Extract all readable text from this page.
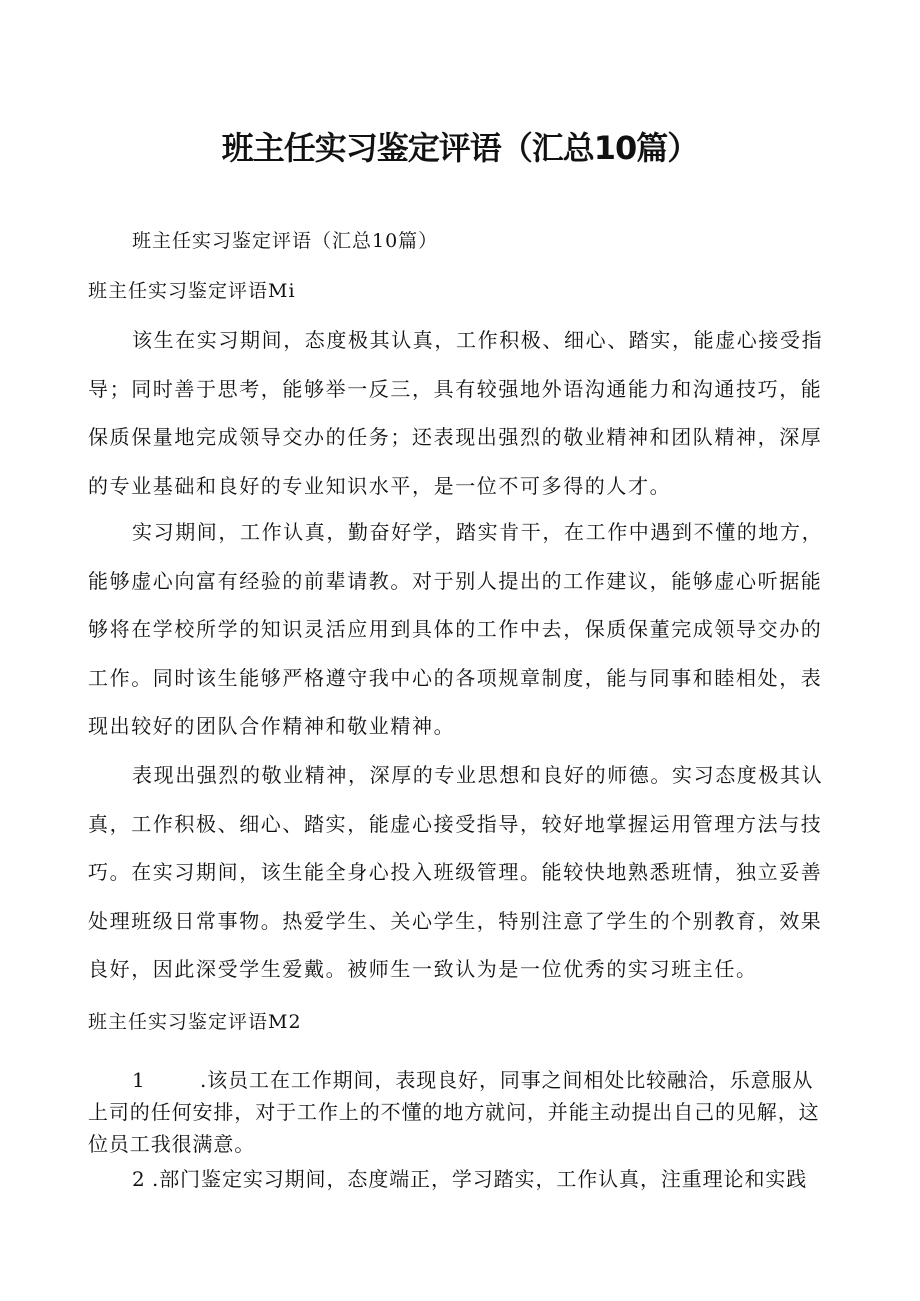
班主任实习鉴定评语（汇总10篇）
班主任实习鉴定评语（汇总10篇）
班主任实习鉴定评语Mi

该生在实习期间，态度极其认真，工作积极、细心、踏实，能虚心接受指导；同时善于思考，能够举一反三，具有较强地外语沟通能力和沟通技巧，能保质保量地完成领导交办的任务；还表现出强烈的敬业精神和团队精神，深厚的专业基础和良好的专业知识水平，是一位不可多得的人才。

实习期间，工作认真，勤奋好学，踏实肯干，在工作中遇到不懂的地方，能够虚心向富有经验的前辈请教。对于别人提出的工作建议，能够虚心听据能够将在学校所学的知识灵活应用到具体的工作中去，保质保董完成领导交办的工作。同时该生能够严格遵守我中心的各项规章制度，能与同事和睦相处，表现出较好的团队合作精神和敬业精神。

表现出强烈的敬业精神，深厚的专业思想和良好的师德。实习态度极其认真，工作积极、细心、踏实，能虚心接受指导，较好地掌握运用管理方法与技巧。在实习期间，该生能全身心投入班级管理。能较快地熟悉班情，独立妥善处理班级日常事物。热爱学生、关心学生，特别注意了学生的个别教育，效果良好，因此深受学生爱戴。被师生一致认为是一位优秀的实习班主任。

班主任实习鉴定评语M2

1	.该员工在工作期间，表现良好，同事之间相处比较融洽，乐意服从上司的任何安排，对于工作上的不懂的地方就问，并能主动提出自己的见解，这位员工我很满意。

2 .部门鉴定实习期间，态度端正，学习踏实，工作认真，注重理论和实践
